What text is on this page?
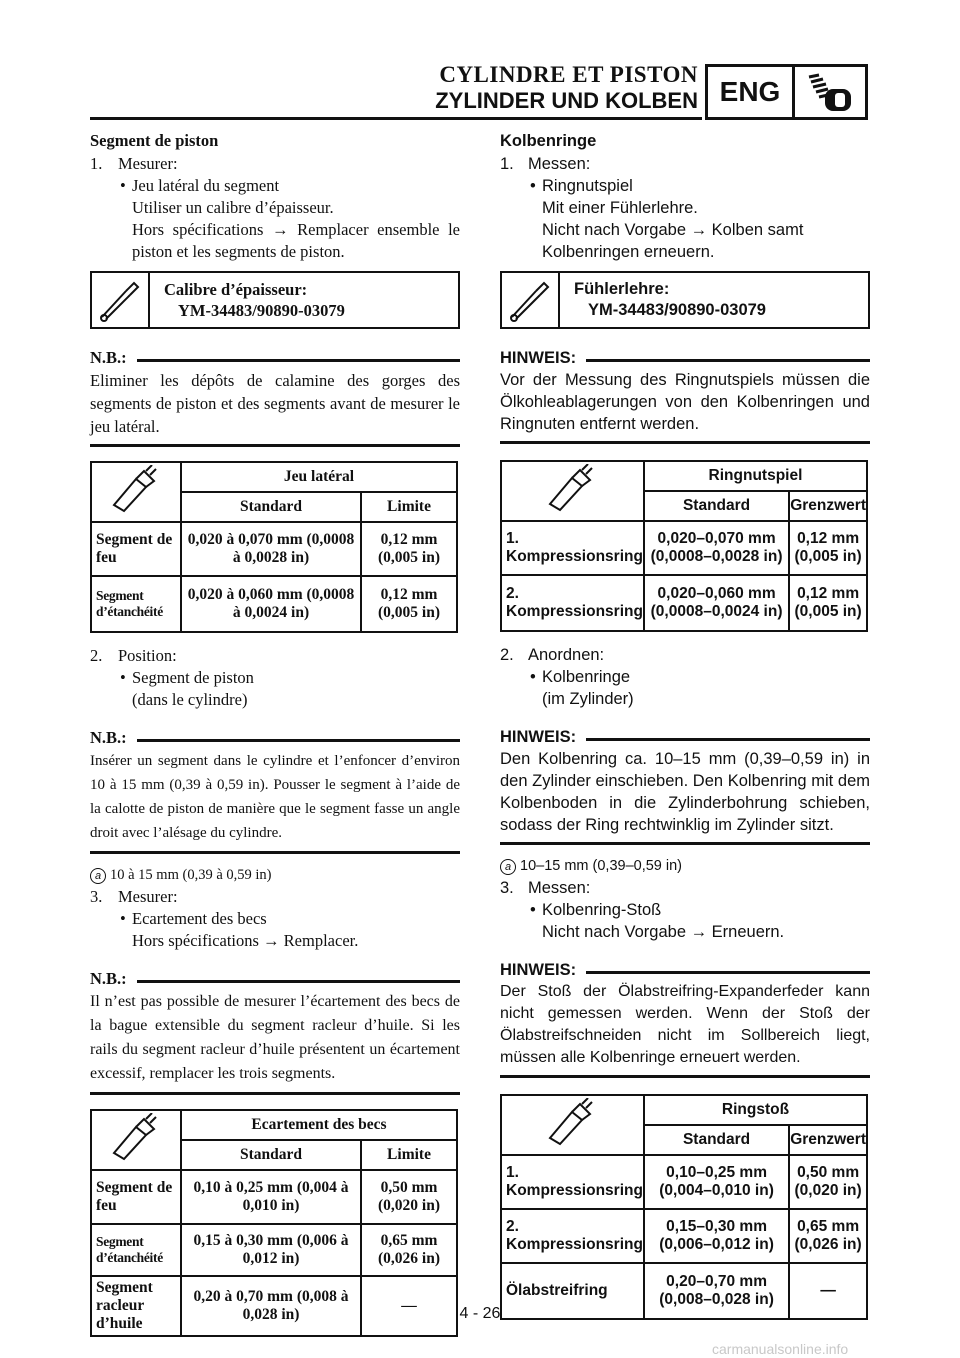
CYLINDRE ET PISTON
ZYLINDER UND KOLBEN ENG
Segment de piston
1. Mesurer:
• Jeu latéral du segment
Utiliser un calibre d’épaisseur.
Hors spécifications → Remplacer ensemble le piston et les segments de piston.
Calibre d’épaisseur:
YM-34483/90890-03079
N.B.:
Eliminer les dépôts de calamine des gorges des segments de piston et des segments avant de mesurer le jeu latéral.
	Jeu latéral	
	Standard	Limite
Segment de feu	0,020 à 0,070 mm (0,0008 à 0,0028 in)	0,12 mm (0,005 in)
Segment d’étanchéité	0,020 à 0,060 mm (0,0008 à 0,0024 in)	0,12 mm (0,005 in)
2. Position:
• Segment de piston
(dans le cylindre)
N.B.:
Insérer un segment dans le cylindre et l’enfoncer d’environ 10 à 15 mm (0,39 à 0,59 in). Pousser le segment à l’aide de la calotte de piston de manière que le segment fasse un angle droit avec l’alésage du cylindre.
a 10 à 15 mm (0,39 à 0,59 in)
3. Mesurer:
• Ecartement des becs
Hors spécifications → Remplacer.
N.B.:
Il n’est pas possible de mesurer l’écartement des becs de la bague extensible du segment racleur d’huile. Si les rails du segment racleur d’huile présentent un écartement excessif, remplacer les trois segments.
	Ecartement des becs	
	Standard	Limite
Segment de feu	0,10 à 0,25 mm (0,004 à 0,010 in)	0,50 mm (0,020 in)
Segment d’étanchéité	0,15 à 0,30 mm (0,006 à 0,012 in)	0,65 mm (0,026 in)
Segment racleur d’huile	0,20 à 0,70 mm (0,008 à 0,028 in)	—
Kolbenringe
1. Messen:
• Ringnutspiel
Mit einer Fühlerlehre.
Nicht nach Vorgabe → Kolben samt Kolbenringen erneuern.
Fühlerlehre:
YM-34483/90890-03079
HINWEIS:
Vor der Messung des Ringnutspiels müssen die Ölkohleablagerungen von den Kolbenringen und Ringnuten entfernt werden.
	Ringnutspiel	
	Standard	Grenzwert
1. Kompressionsring	0,020–0,070 mm (0,0008–0,0028 in)	0,12 mm (0,005 in)
2. Kompressionsring	0,020–0,060 mm (0,0008–0,0024 in)	0,12 mm (0,005 in)
2. Anordnen:
• Kolbenringe
(im Zylinder)
HINWEIS:
Den Kolbenring ca. 10–15 mm (0,39–0,59 in) in den Zylinder einschieben. Den Kolbenring mit dem Kolbenboden in die Zylinderbohrung schieben, sodass der Ring rechtwinklig im Zylinder sitzt.
a 10–15 mm (0,39–0,59 in)
3. Messen:
• Kolbenring-Stoß
Nicht nach Vorgabe → Erneuern.
HINWEIS:
Der Stoß der Ölabstreifring-Expanderfeder kann nicht gemessen werden. Wenn der Stoß der Ölabstreifschneiden nicht im Sollbereich liegt, müssen alle Kolbenringe erneuert werden.
	Ringstoß	
	Standard	Grenzwert
1. Kompressionsring	0,10–0,25 mm (0,004–0,010 in)	0,50 mm (0,020 in)
2. Kompressionsring	0,15–0,30 mm (0,006–0,012 in)	0,65 mm (0,026 in)
Ölabstreifring	0,20–0,70 mm (0,008–0,028 in)	—
4 - 26
carmanualsonline.info
